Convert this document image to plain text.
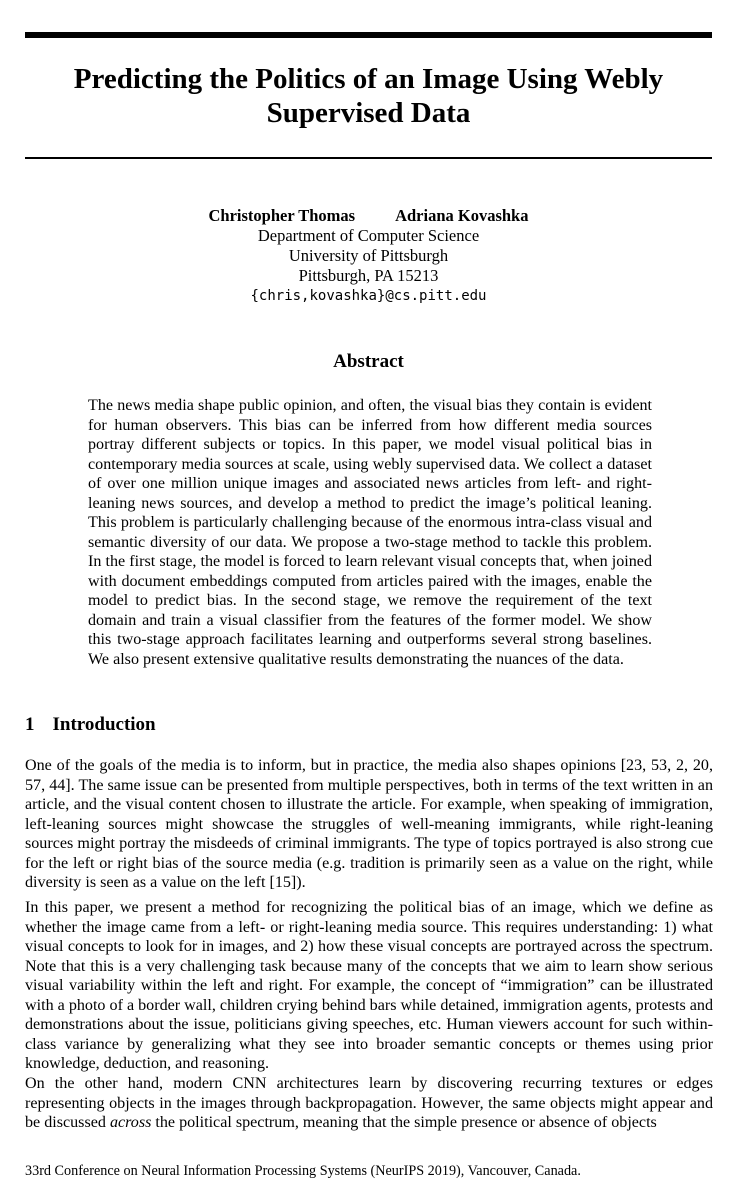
Predicting the Politics of an Image Using Webly Supervised Data
Christopher Thomas Adriana Kovashka
Department of Computer Science
University of Pittsburgh
Pittsburgh, PA 15213
{chris,kovashka}@cs.pitt.edu
Abstract

The news media shape public opinion, and often, the visual bias they contain is evident for human observers. This bias can be inferred from how different media sources portray different subjects or topics. In this paper, we model visual political bias in contemporary media sources at scale, using webly supervised data. We collect a dataset of over one million unique images and associated news articles from left- and right-leaning news sources, and develop a method to predict the image’s political leaning. This problem is particularly challenging because of the enormous intra-class visual and semantic diversity of our data. We propose a two-stage method to tackle this problem. In the first stage, the model is forced to learn relevant visual concepts that, when joined with document embeddings computed from articles paired with the images, enable the model to predict bias. In the second stage, we remove the requirement of the text domain and train a visual classifier from the features of the former model. We show this two-stage approach facilitates learning and outperforms several strong baselines. We also present extensive qualitative results demonstrating the nuances of the data.

1 Introduction

One of the goals of the media is to inform, but in practice, the media also shapes opinions [23, 53, 2, 20, 57, 44]. The same issue can be presented from multiple perspectives, both in terms of the text written in an article, and the visual content chosen to illustrate the article. For example, when speaking of immigration, left-leaning sources might showcase the struggles of well-meaning immigrants, while right-leaning sources might portray the misdeeds of criminal immigrants. The type of topics portrayed is also strong cue for the left or right bias of the source media (e.g. tradition is primarily seen as a value on the right, while diversity is seen as a value on the left [15]).

In this paper, we present a method for recognizing the political bias of an image, which we define as whether the image came from a left- or right-leaning media source. This requires understanding: 1) what visual concepts to look for in images, and 2) how these visual concepts are portrayed across the spectrum. Note that this is a very challenging task because many of the concepts that we aim to learn show serious visual variability within the left and right. For example, the concept of “immigration” can be illustrated with a photo of a border wall, children crying behind bars while detained, immigration agents, protests and demonstrations about the issue, politicians giving speeches, etc. Human viewers account for such within-class variance by generalizing what they see into broader semantic concepts or themes using prior knowledge, deduction, and reasoning.

On the other hand, modern CNN architectures learn by discovering recurring textures or edges representing objects in the images through backpropagation. However, the same objects might appear and be discussed across the political spectrum, meaning that the simple presence or absence of objects

33rd Conference on Neural Information Processing Systems (NeurIPS 2019), Vancouver, Canada.
